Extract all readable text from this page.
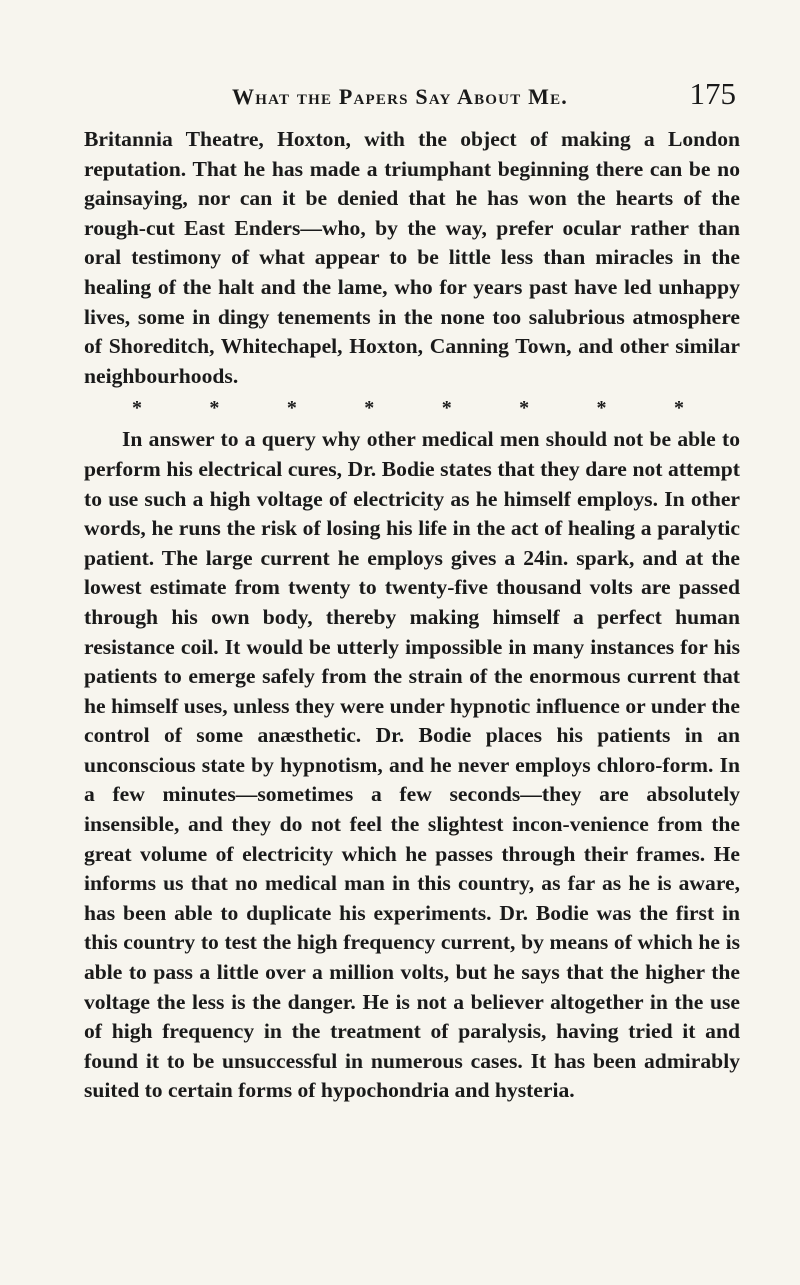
What the Papers Say About Me.	175

Britannia Theatre, Hoxton, with the object of making a London reputation. That he has made a triumphant beginning there can be no gainsaying, nor can it be denied that he has won the hearts of the rough-cut East Enders—who, by the way, prefer ocular rather than oral testimony of what appear to be little less than miracles in the healing of the halt and the lame, who for years past have led unhappy lives, some in dingy tenements in the none too salubrious atmosphere of Shoreditch, Whitechapel, Hoxton, Canning Town, and other similar neighbourhoods.

*	*	*	*	*	*	*	*

In answer to a query why other medical men should not be able to perform his electrical cures, Dr. Bodie states that they dare not attempt to use such a high voltage of electricity as he himself employs. In other words, he runs the risk of losing his life in the act of healing a paralytic patient. The large current he employs gives a 24in. spark, and at the lowest estimate from twenty to twenty-five thousand volts are passed through his own body, thereby making himself a perfect human resistance coil. It would be utterly impossible in many instances for his patients to emerge safely from the strain of the enormous current that he himself uses, unless they were under hypnotic influence or under the control of some anæsthetic. Dr. Bodie places his patients in an unconscious state by hypnotism, and he never employs chloro-form. In a few minutes—sometimes a few seconds—they are absolutely insensible, and they do not feel the slightest incon-venience from the great volume of electricity which he passes through their frames. He informs us that no medical man in this country, as far as he is aware, has been able to duplicate his experiments. Dr. Bodie was the first in this country to test the high frequency current, by means of which he is able to pass a little over a million volts, but he says that the higher the voltage the less is the danger. He is not a believer altogether in the use of high frequency in the treatment of paralysis, having tried it and found it to be unsuccessful in numerous cases. It has been admirably suited to certain forms of hypochondria and hysteria.
